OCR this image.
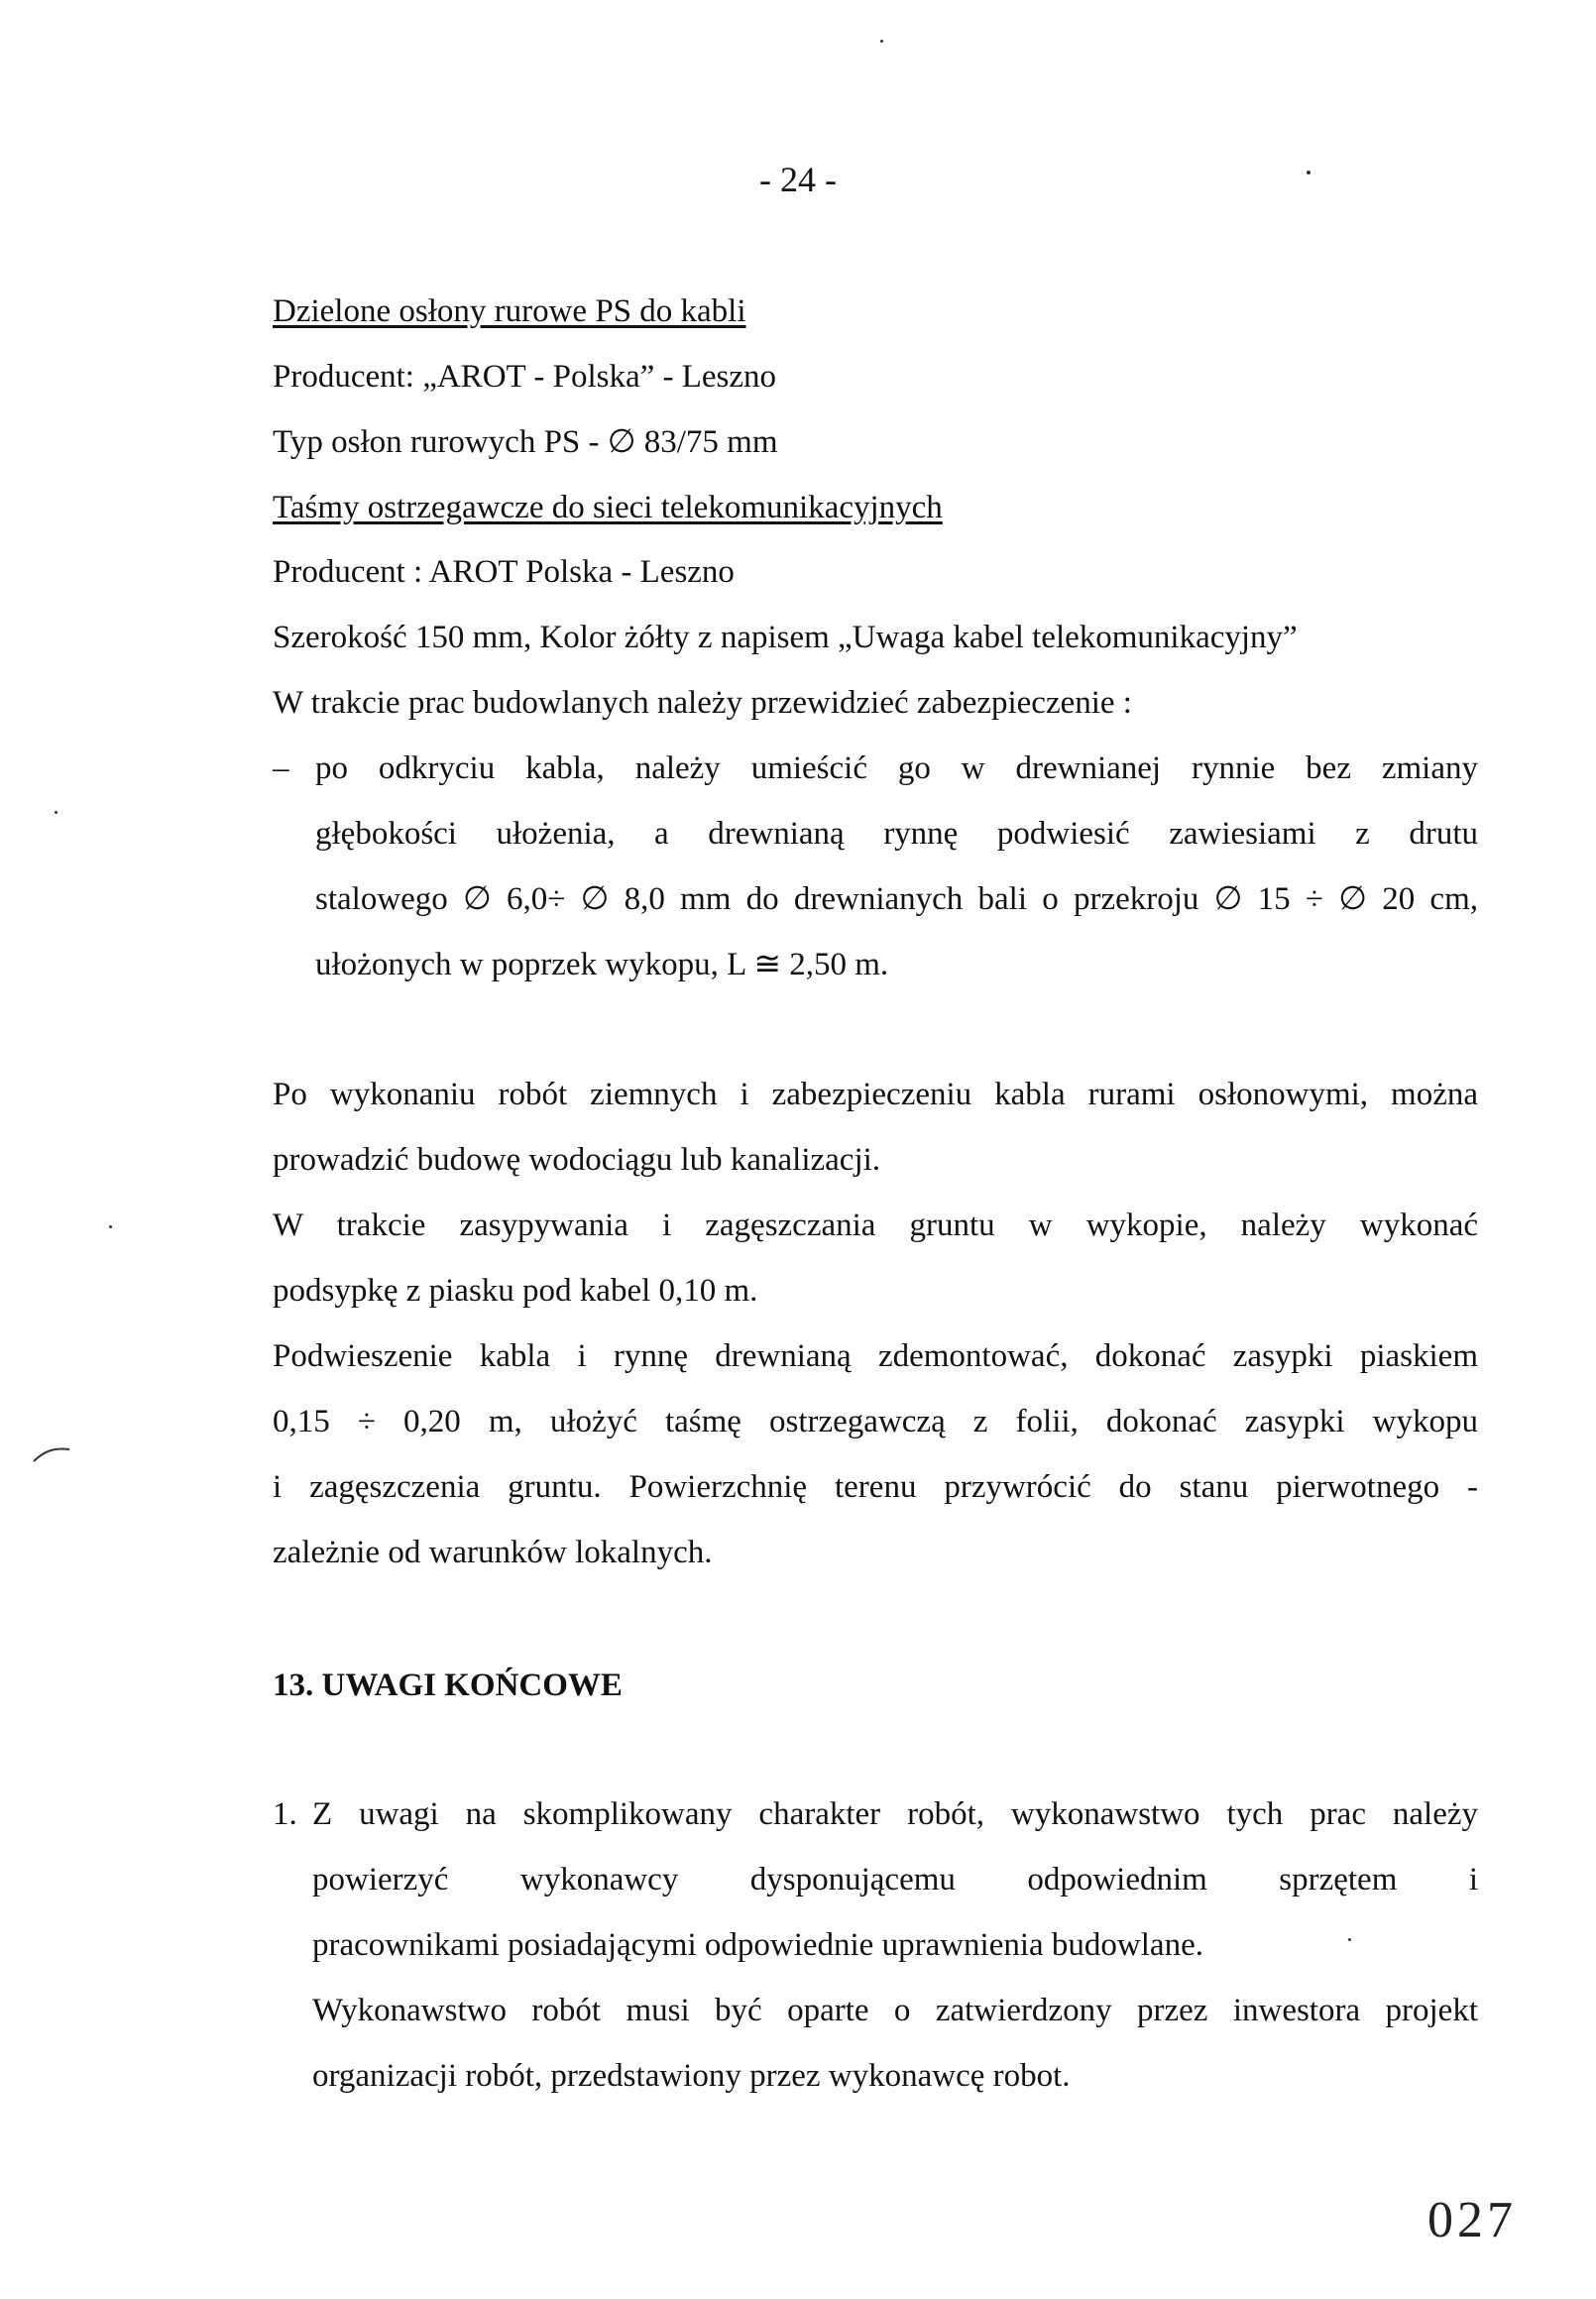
- 24 -
Dzielone osłony rurowe PS do kabli
Producent: „AROT - Polska” - Leszno
Typ osłon rurowych PS - ∅ 83/75 mm
Taśmy ostrzegawcze do sieci telekomunikacyjnych
Producent : AROT Polska - Leszno
Szerokość 150 mm, Kolor żółty z napisem „Uwaga kabel telekomunikacyjny”
W trakcie prac budowlanych należy przewidzieć zabezpieczenie :
– po odkryciu kabla, należy umieścić go w drewnianej rynnie bez zmiany
głębokości ułożenia, a drewnianą rynnę podwiesić zawiesiami z drutu
stalowego ∅ 6,0÷ ∅ 8,0 mm do drewnianych bali o przekroju ∅ 15 ÷ ∅ 20 cm,
ułożonych w poprzek wykopu, L ≅ 2,50 m.
Po wykonaniu robót ziemnych i zabezpieczeniu kabla rurami osłonowymi, można
prowadzić budowę wodociągu lub kanalizacji.
W trakcie zasypywania i zagęszczania gruntu w wykopie, należy wykonać
podsypkę z piasku pod kabel 0,10 m.
Podwieszenie kabla i rynnę drewnianą zdemontować, dokonać zasypki piaskiem
0,15 ÷ 0,20 m, ułożyć taśmę ostrzegawczą z folii, dokonać zasypki wykopu
i zagęszczenia gruntu. Powierzchnię terenu przywrócić do stanu pierwotnego -
zależnie od warunków lokalnych.
13. UWAGI KOŃCOWE
1. Z uwagi na skomplikowany charakter robót, wykonawstwo tych prac należy
powierzyć wykonawcy dysponującemu odpowiednim sprzętem i
pracownikami posiadającymi odpowiednie uprawnienia budowlane.
Wykonawstwo robót musi być oparte o zatwierdzony przez inwestora projekt
organizacji robót, przedstawiony przez wykonawcę robot.
027
